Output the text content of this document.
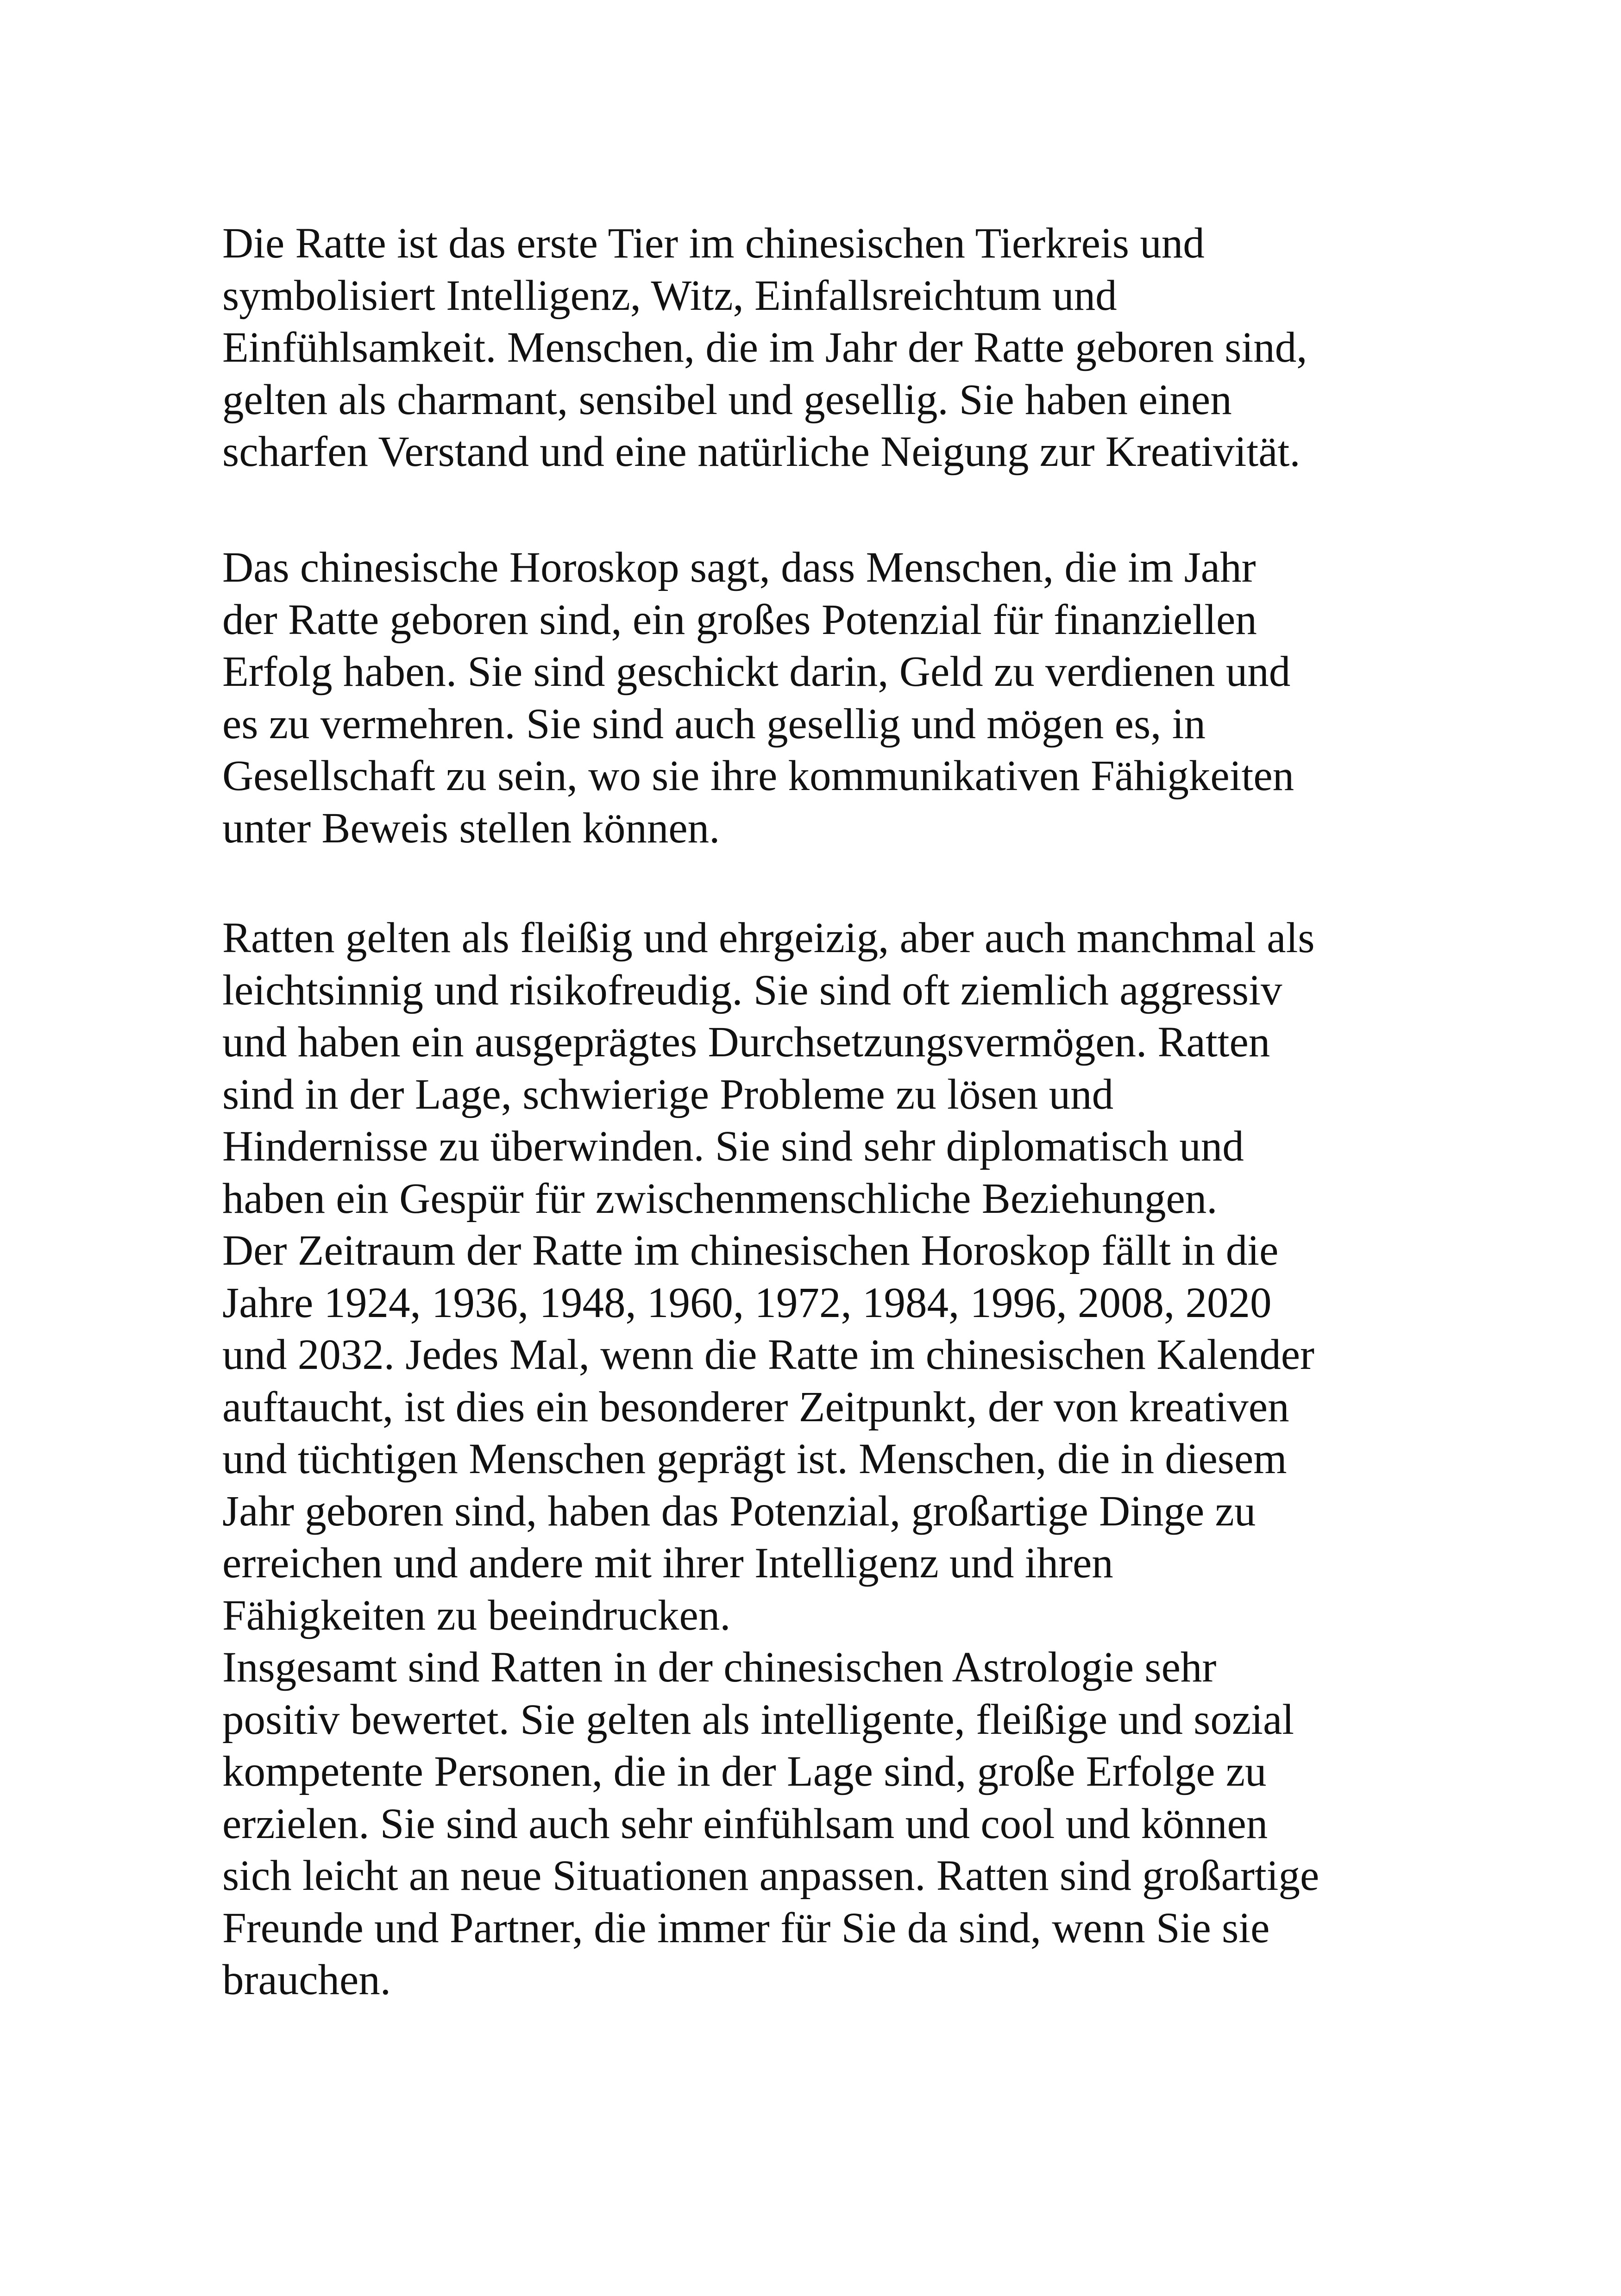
Die Ratte ist das erste Tier im chinesischen Tierkreis und
symbolisiert Intelligenz, Witz, Einfallsreichtum und
Einfühlsamkeit. Menschen, die im Jahr der Ratte geboren sind,
gelten als charmant, sensibel und gesellig. Sie haben einen
scharfen Verstand und eine natürliche Neigung zur Kreativität.
Das chinesische Horoskop sagt, dass Menschen, die im Jahr
der Ratte geboren sind, ein großes Potenzial für finanziellen
Erfolg haben. Sie sind geschickt darin, Geld zu verdienen und
es zu vermehren. Sie sind auch gesellig und mögen es, in
Gesellschaft zu sein, wo sie ihre kommunikativen Fähigkeiten
unter Beweis stellen können.
Ratten gelten als fleißig und ehrgeizig, aber auch manchmal als
leichtsinnig und risikofreudig. Sie sind oft ziemlich aggressiv
und haben ein ausgeprägtes Durchsetzungsvermögen. Ratten
sind in der Lage, schwierige Probleme zu lösen und
Hindernisse zu überwinden. Sie sind sehr diplomatisch und
haben ein Gespür für zwischenmenschliche Beziehungen.
Der Zeitraum der Ratte im chinesischen Horoskop fällt in die
Jahre 1924, 1936, 1948, 1960, 1972, 1984, 1996, 2008, 2020
und 2032. Jedes Mal, wenn die Ratte im chinesischen Kalender
auftaucht, ist dies ein besonderer Zeitpunkt, der von kreativen
und tüchtigen Menschen geprägt ist. Menschen, die in diesem
Jahr geboren sind, haben das Potenzial, großartige Dinge zu
erreichen und andere mit ihrer Intelligenz und ihren
Fähigkeiten zu beeindrucken.
Insgesamt sind Ratten in der chinesischen Astrologie sehr
positiv bewertet. Sie gelten als intelligente, fleißige und sozial
kompetente Personen, die in der Lage sind, große Erfolge zu
erzielen. Sie sind auch sehr einfühlsam und cool und können
sich leicht an neue Situationen anpassen. Ratten sind großartige
Freunde und Partner, die immer für Sie da sind, wenn Sie sie
brauchen.
